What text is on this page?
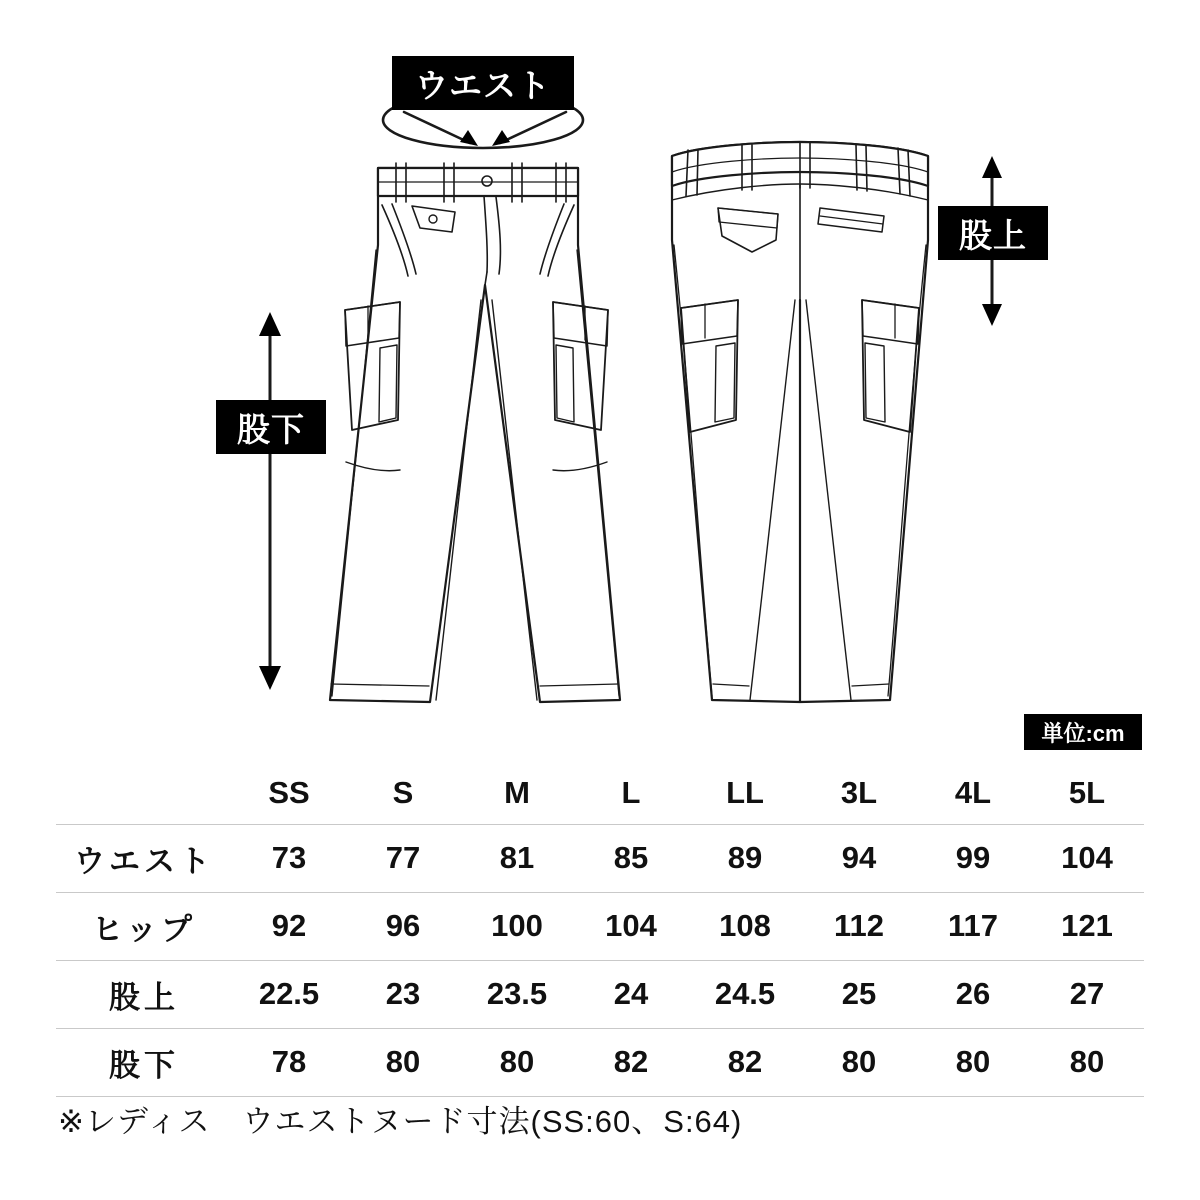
ウエスト
股上
股下
単位:cm
	SS	S	M	L	LL	3L	4L	5L
ウエスト	73	77	81	85	89	94	99	104
ヒップ	92	96	100	104	108	112	117	121
股上	22.5	23	23.5	24	24.5	25	26	27
股下	78	80	80	82	82	80	80	80
※レディス　ウエストヌード寸法(SS:60、S:64)
